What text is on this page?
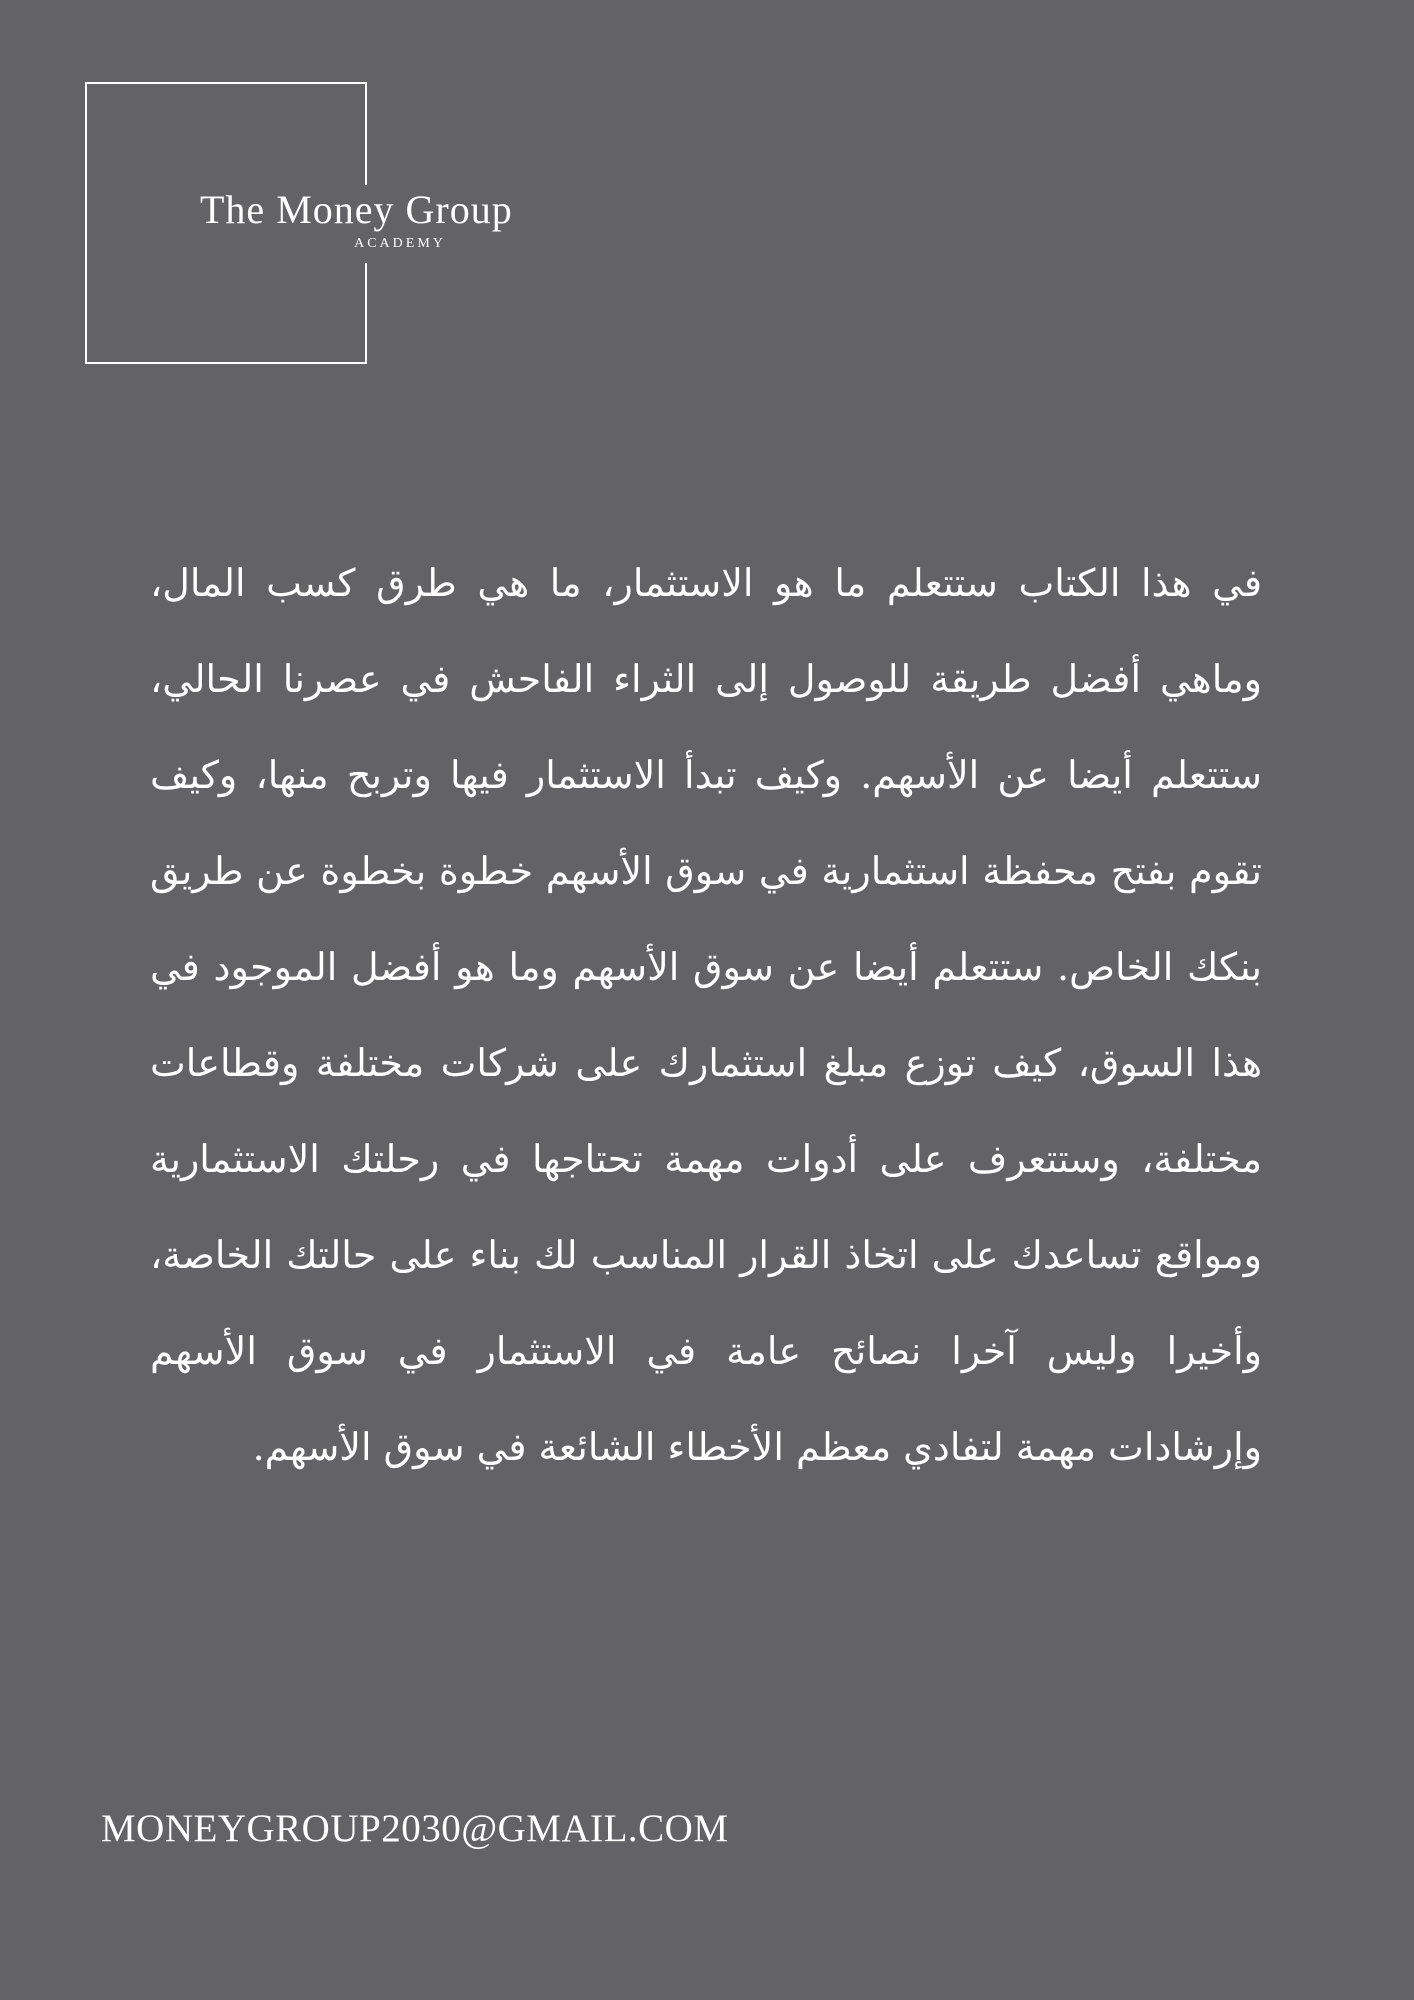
The Money Group
ACADEMY

في هذا الكتاب ستتعلم ما هو الاستثمار، ما هي طرق كسب المال، وماهي أفضل طريقة للوصول إلى الثراء الفاحش في عصرنا الحالي، ستتعلم أيضا عن الأسهم. وكيف تبدأ الاستثمار فيها وتربح منها، وكيف تقوم بفتح محفظة استثمارية في سوق الأسهم خطوة بخطوة عن طريق بنكك الخاص. ستتعلم أيضا عن سوق الأسهم وما هو أفضل الموجود في هذا السوق، كيف توزع مبلغ استثمارك على شركات مختلفة وقطاعات مختلفة، وستتعرف على أدوات مهمة تحتاجها في رحلتك الاستثمارية ومواقع تساعدك على اتخاذ القرار المناسب لك بناء على حالتك الخاصة، وأخيرا وليس آخرا نصائح عامة في الاستثمار في سوق الأسهم وإرشادات مهمة لتفادي معظم الأخطاء الشائعة في سوق الأسهم.

MONEYGROUP2030@GMAIL.COM
